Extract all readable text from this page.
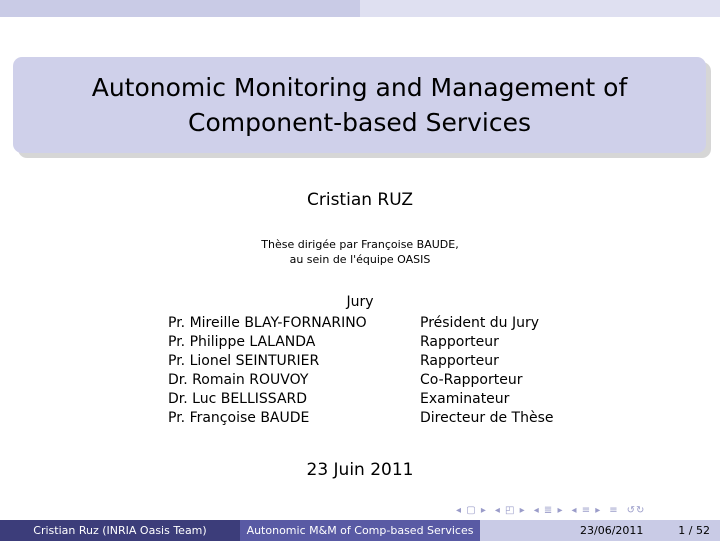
Autonomic Monitoring and Management of
Component-based Services
Cristian RUZ
Thèse dirigée par Françoise BAUDE,
au sein de l'équipe OASIS
Jury
Pr. Mireille BLAY-FORNARINO	Président du Jury
Pr. Philippe LALANDA	Rapporteur
Pr. Lionel SEINTURIER	Rapporteur
Dr. Romain ROUVOY	Co-Rapporteur
Dr. Luc BELLISSARD	Examinateur
Pr. Françoise BAUDE	Directeur de Thèse
23 Juin 2011
◂ ▢ ▸ ◂ ◰ ▸ ◂ ≣ ▸ ◂ ≡ ▸ ≡ ↺↻
Cristian Ruz (INRIA Oasis Team)	Autonomic M&M of Comp-based Services	23/06/2011	1 / 52
